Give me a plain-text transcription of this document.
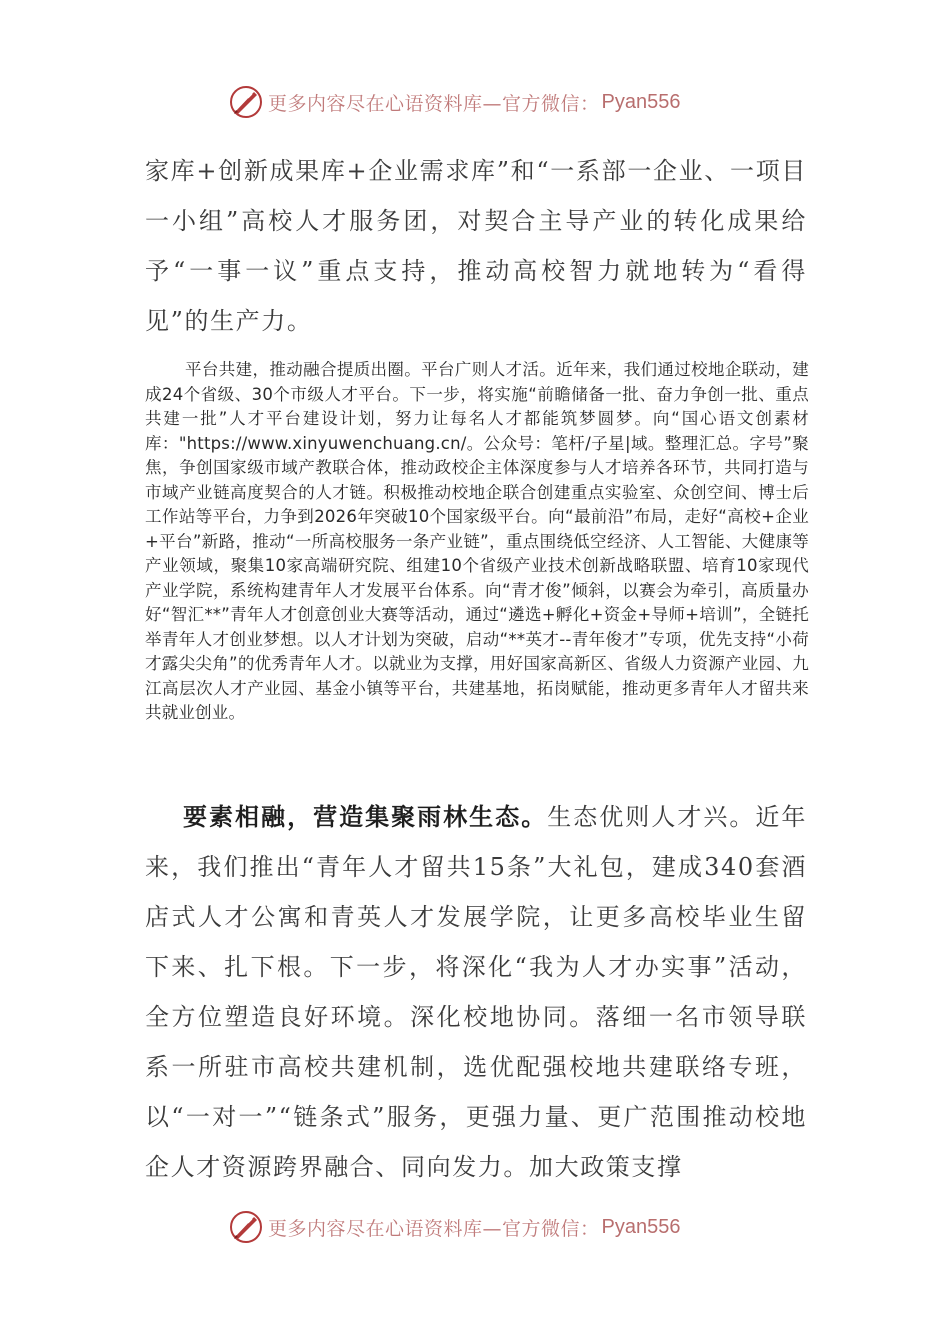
更多内容尽在心语资料库—官方微信： Pyan556
家库+创新成果库+企业需求库”和“一系部一企业、一项目一小组”高校人才服务团，对契合主导产业的转化成果给予“一事一议”重点支持，推动高校智力就地转为“看得见”的生产力。
平台共建，推动融合提质出圈。平台广则人才活。近年来，我们通过校地企联动，建成24个省级、30个市级人才平台。下一步，将实施“前瞻储备一批、奋力争创一批、重点共建一批”人才平台建设计划，努力让每名人才都能筑梦圆梦。向“国心语文创素材库："https://www.xinyuwenchuang.cn/。公众号：笔杆/子星|域。整理汇总。字号”聚焦，争创国家级市域产教联合体，推动政校企主体深度参与人才培养各环节，共同打造与市域产业链高度契合的人才链。积极推动校地企联合创建重点实验室、众创空间、博士后工作站等平台，力争到2026年突破10个国家级平台。向“最前沿”布局，走好“高校+企业+平台”新路，推动“一所高校服务一条产业链”，重点围绕低空经济、人工智能、大健康等产业领域，聚集10家高端研究院、组建10个省级产业技术创新战略联盟、培育10家现代产业学院，系统构建青年人才发展平台体系。向“青才俊”倾斜，以赛会为牵引，高质量办好“智汇**”青年人才创意创业大赛等活动，通过“遴选+孵化+资金+导师+培训”，全链托举青年人才创业梦想。以人才计划为突破，启动“**英才--青年俊才”专项，优先支持“小荷才露尖尖角”的优秀青年人才。以就业为支撑，用好国家高新区、省级人力资源产业园、九江高层次人才产业园、基金小镇等平台，共建基地，拓岗赋能，推动更多青年人才留共来共就业创业。
要素相融，营造集聚雨林生态。生态优则人才兴。近年来，我们推出“青年人才留共15条”大礼包，建成340套酒店式人才公寓和青英人才发展学院，让更多高校毕业生留下来、扎下根。下一步，将深化“我为人才办实事”活动，全方位塑造良好环境。深化校地协同。落细一名市领导联系一所驻市高校共建机制，选优配强校地共建联络专班，以“一对一”“链条式”服务，更强力量、更广范围推动校地企人才资源跨界融合、同向发力。加大政策支撑
更多内容尽在心语资料库—官方微信： Pyan556
